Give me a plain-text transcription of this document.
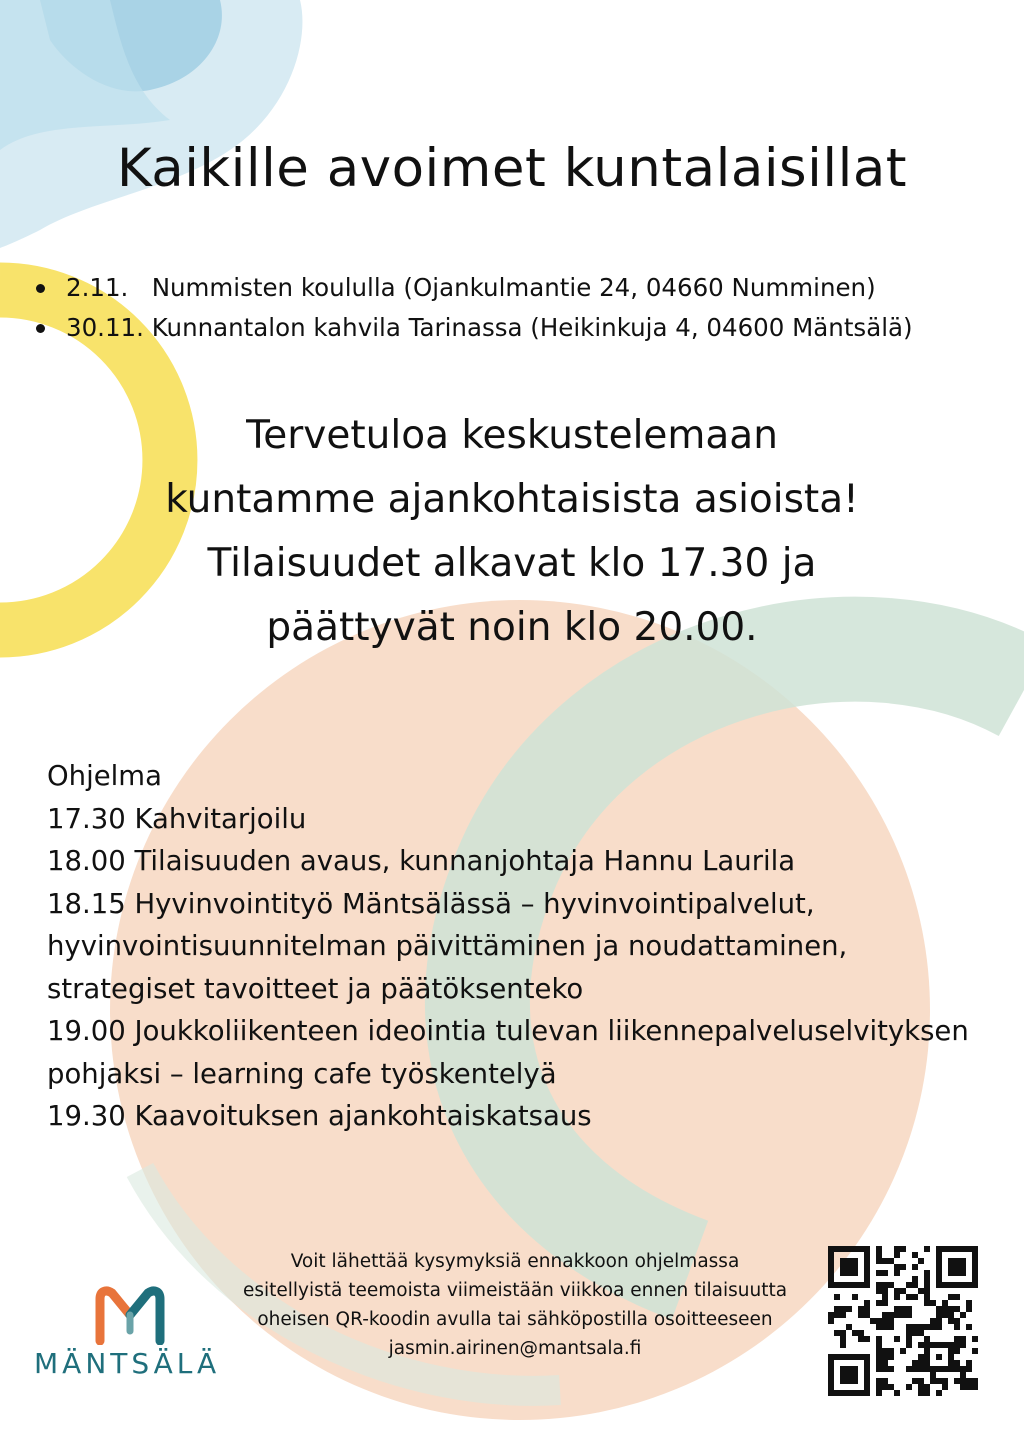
Kaikille avoimet kuntalaisillat
2.11.   Nummisten koululla (Ojankulmantie 24, 04660 Numminen)
30.11. Kunnantalon kahvila Tarinassa (Heikinkuja 4, 04600 Mäntsälä)
Tervetuloa keskustelemaan
kuntamme ajankohtaisista asioista!
Tilaisuudet alkavat klo 17.30 ja
päättyvät noin klo 20.00.
Ohjelma
17.30 Kahvitarjoilu
18.00 Tilaisuuden avaus, kunnanjohtaja Hannu Laurila
18.15 Hyvinvointityö Mäntsälässä – hyvinvointipalvelut,
hyvinvointisuunnitelman päivittäminen ja noudattaminen,
strategiset tavoitteet ja päätöksenteko
19.00 Joukkoliikenteen ideointia tulevan liikennepalveluselvityksen
pohjaksi – learning cafe työskentelyä
19.30 Kaavoituksen ajankohtaiskatsaus
Voit lähettää kysymyksiä ennakkoon ohjelmassa
esitellyistä teemoista viimeistään viikkoa ennen tilaisuutta
oheisen QR-koodin avulla tai sähköpostilla osoitteeseen
jasmin.airinen@mantsala.fi
MÄNTSÄLÄ
